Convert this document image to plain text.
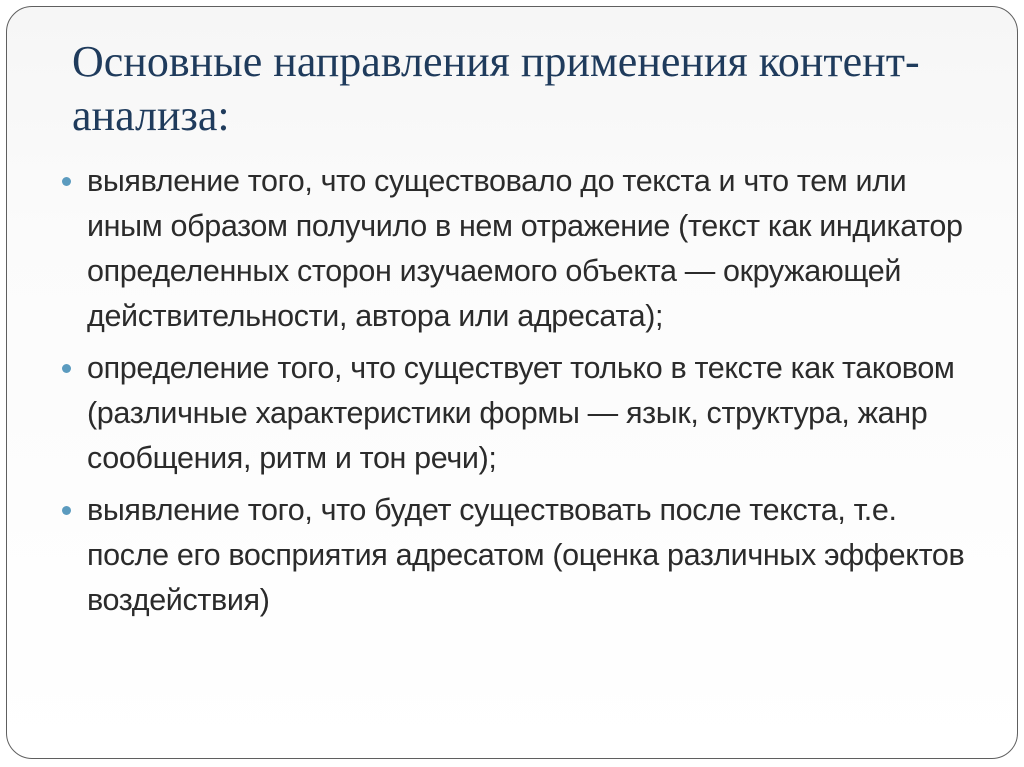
Основные направления применения контент-анализа:
выявление того, что существовало до текста и что тем или иным образом получило в нем отражение (текст как индикатор определенных сторон изучаемого объекта — окружающей действительности, автора или адресата);
определение того, что существует только в тексте как таковом (различные характеристики формы — язык, структура, жанр сообщения, ритм и тон речи);
выявление того, что будет существовать после текста, т.е. после его восприятия адресатом (оценка различных эффектов воздействия)
